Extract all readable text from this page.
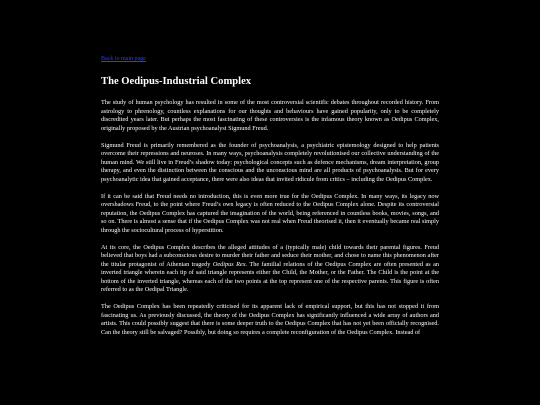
Back to main page
The Oedipus-Industrial Complex

The study of human psychology has resulted in some of the most controversial scientific debates throughout recorded history. From astrology to phrenology, countless explanations for our thoughts and behaviours have gained popularity, only to be completely discredited years later. But perhaps the most fascinating of these controversies is the infamous theory known as Oedipus Complex, originally proposed by the Austrian psychoanalyst Sigmund Freud.

Sigmund Freud is primarily remembered as the founder of psychoanalysis, a psychiatric epistemology designed to help patients overcome their repressions and neuroses. In many ways, psychoanalysis completely revolutionised our collective understanding of the human mind. We still live in Freud’s shadow today: psychological concepts such as defence mechanisms, dream interpretation, group therapy, and even the distinction between the conscious and the unconscious mind are all products of psychoanalysis. But for every psychoanalytic idea that gained acceptance, there were also ideas that invited ridicule from critics – including the Oedipus Complex.

If it can be said that Freud needs no introduction, this is even more true for the Oedipus Complex. In many ways, its legacy now overshadows Freud, to the point where Freud’s own legacy is often reduced to the Oedipus Complex alone. Despite its controversial reputation, the Oedipus Complex has captured the imagination of the world, being referenced in countless books, movies, songs, and so on. There is almost a sense that if the Oedipus Complex was not real when Freud theorised it, then it eventually became real simply through the sociocultural process of hyperstition.

At its core, the Oedipus Complex describes the alleged attitudes of a (typically male) child towards their parental figures. Freud believed that boys had a subconscious desire to murder their father and seduce their mother, and chose to name this phenomenon after the titular protagonist of Athenian tragedy Oedipus Rex. The familial relations of the Oedipus Complex are often presented as an inverted triangle wherein each tip of said triangle represents either the Child, the Mother, or the Father. The Child is the point at the bottom of the inverted triangle, whereas each of the two points at the top represent one of the respective parents. This figure is often referred to as the Oedipal Triangle.

The Oedipus Complex has been repeatedly criticised for its apparent lack of empirical support, but this has not stopped it from fascinating us. As previously discussed, the theory of the Oedipus Complex has significantly influenced a wide array of authors and artists. This could possibly suggest that there is some deeper truth to the Oedipus Complex that has not yet been officially recognised. Can the theory still be salvaged? Possibly, but doing so requires a complete reconfiguration of the Oedipus Complex. Instead of
